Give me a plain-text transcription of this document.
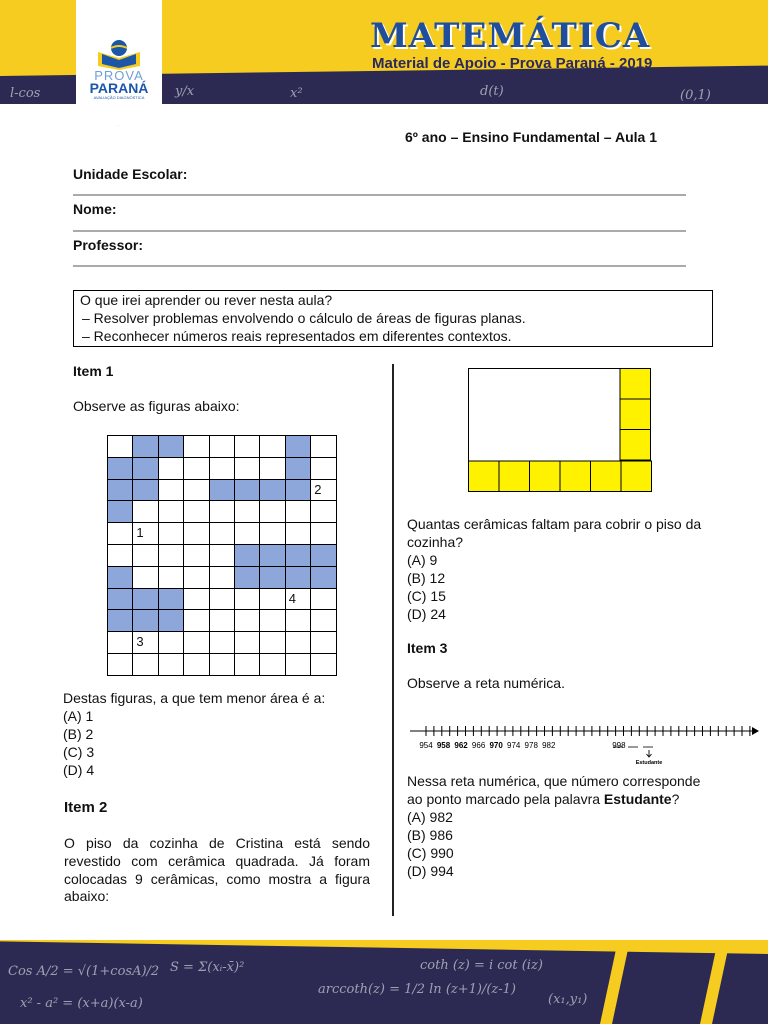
l-cos	y/x	x²	(0,1)
d(t)
PROVA
PARANÁ
AVALIAÇÃO DIAGNÓSTICA
MATEMÁTICA
Material de Apoio - Prova Paraná - 2019
6º ano – Ensino Fundamental – Aula 1
Unidade Escolar:
Nome:
Professor:
O que irei aprender ou rever nesta aula?
– Resolver problemas envolvendo o cálculo de áreas de figuras planas.
– Reconhecer números reais representados em diferentes contextos.
Item 1
Observe as figuras abaixo:
1
2
3
4
Destas figuras, a que tem menor área é a:
(A) 1
(B) 2
(C) 3
(D) 4
Item 2
O piso da cozinha de Cristina está sendo
revestido com cerâmica quadrada. Já foram
colocadas 9 cerâmicas, como mostra a figura
abaixo:
Quantas cerâmicas faltam para cobrir o piso da
cozinha?
(A) 9
(B) 12
(C) 15
(D) 24
Item 3
Observe a reta numérica.
954 958 962 966 970 974 978 982	998
Estudante
Nessa reta numérica, que número corresponde
ao ponto marcado pela palavra Estudante?
(A) 982
(B) 986
(C) 990
(D) 994
Cos A/2 = √(1+cosA)/2 S = Σ(xᵢ-x̄)²	coth (z) = i cot (iz)
arccoth(z) = 1/2 ln (z+1)/(z-1)
x² - a² = (x+a)(x-a)	(x₁,y₁)
